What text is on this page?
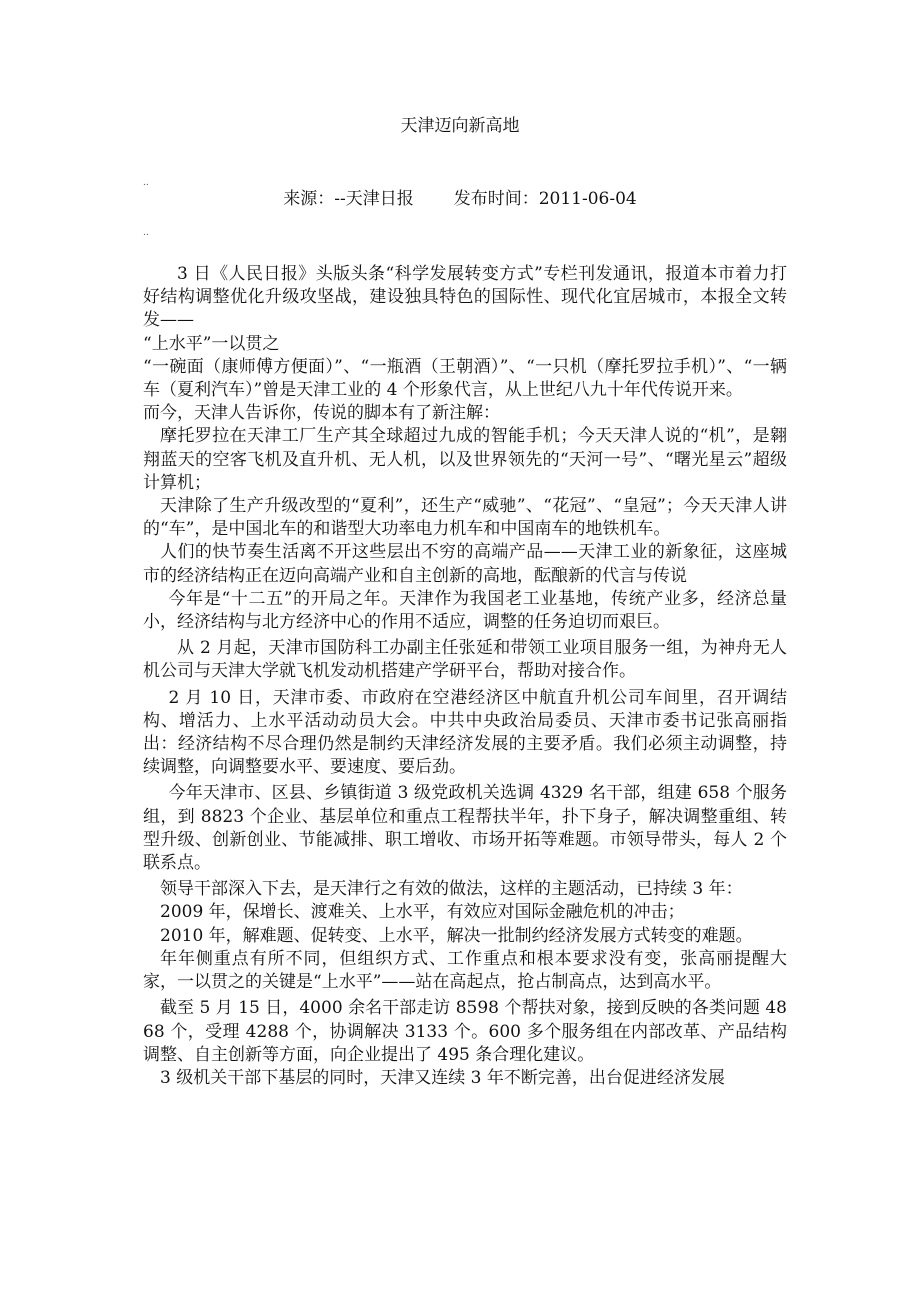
天津迈向新高地
..
来源：--天津日报 发布时间：2011-06-04
..

3 日《人民日报》头版头条“科学发展转变方式”专栏刊发通讯，报道本市着力打好结构调整优化升级攻坚战，建设独具特色的国际性、现代化宜居城市，本报全文转发——

“上水平”一以贯之

“一碗面（康师傅方便面）”、“一瓶酒（王朝酒）”、“一只机（摩托罗拉手机）”、“一辆车（夏利汽车）”曾是天津工业的 4 个形象代言，从上世纪八九十年代传说开来。

而今，天津人告诉你，传说的脚本有了新注解：

摩托罗拉在天津工厂生产其全球超过九成的智能手机；今天天津人说的“机”，是翱翔蓝天的空客飞机及直升机、无人机，以及世界领先的“天河一号”、“曙光星云”超级计算机；

天津除了生产升级改型的“夏利”，还生产“威驰”、“花冠”、“皇冠”；今天天津人讲的“车”，是中国北车的和谐型大功率电力机车和中国南车的地铁机车。

人们的快节奏生活离不开这些层出不穷的高端产品——天津工业的新象征，这座城市的经济结构正在迈向高端产业和自主创新的高地，酝酿新的代言与传说

今年是“十二五”的开局之年。天津作为我国老工业基地，传统产业多，经济总量小，经济结构与北方经济中心的作用不适应，调整的任务迫切而艰巨。

从 2 月起，天津市国防科工办副主任张延和带领工业项目服务一组，为神舟无人机公司与天津大学就飞机发动机搭建产学研平台，帮助对接合作。

2 月 10 日，天津市委、市政府在空港经济区中航直升机公司车间里，召开调结构、增活力、上水平活动动员大会。中共中央政治局委员、天津市委书记张高丽指出：经济结构不尽合理仍然是制约天津经济发展的主要矛盾。我们必须主动调整，持续调整，向调整要水平、要速度、要后劲。

今年天津市、区县、乡镇街道 3 级党政机关选调 4329 名干部，组建 658 个服务组，到 8823 个企业、基层单位和重点工程帮扶半年，扑下身子，解决调整重组、转型升级、创新创业、节能减排、职工增收、市场开拓等难题。市领导带头，每人 2 个联系点。

领导干部深入下去，是天津行之有效的做法，这样的主题活动，已持续 3 年：

2009 年，保增长、渡难关、上水平，有效应对国际金融危机的冲击；

2010 年，解难题、促转变、上水平，解决一批制约经济发展方式转变的难题。

年年侧重点有所不同，但组织方式、工作重点和根本要求没有变，张高丽提醒大家，一以贯之的关键是“上水平”——站在高起点，抢占制高点，达到高水平。

截至 5 月 15 日，4000 余名干部走访 8598 个帮扶对象，接到反映的各类问题 4868 个，受理 4288 个，协调解决 3133 个。600 多个服务组在内部改革、产品结构调整、自主创新等方面，向企业提出了 495 条合理化建议。

3 级机关干部下基层的同时，天津又连续 3 年不断完善，出台促进经济发展
